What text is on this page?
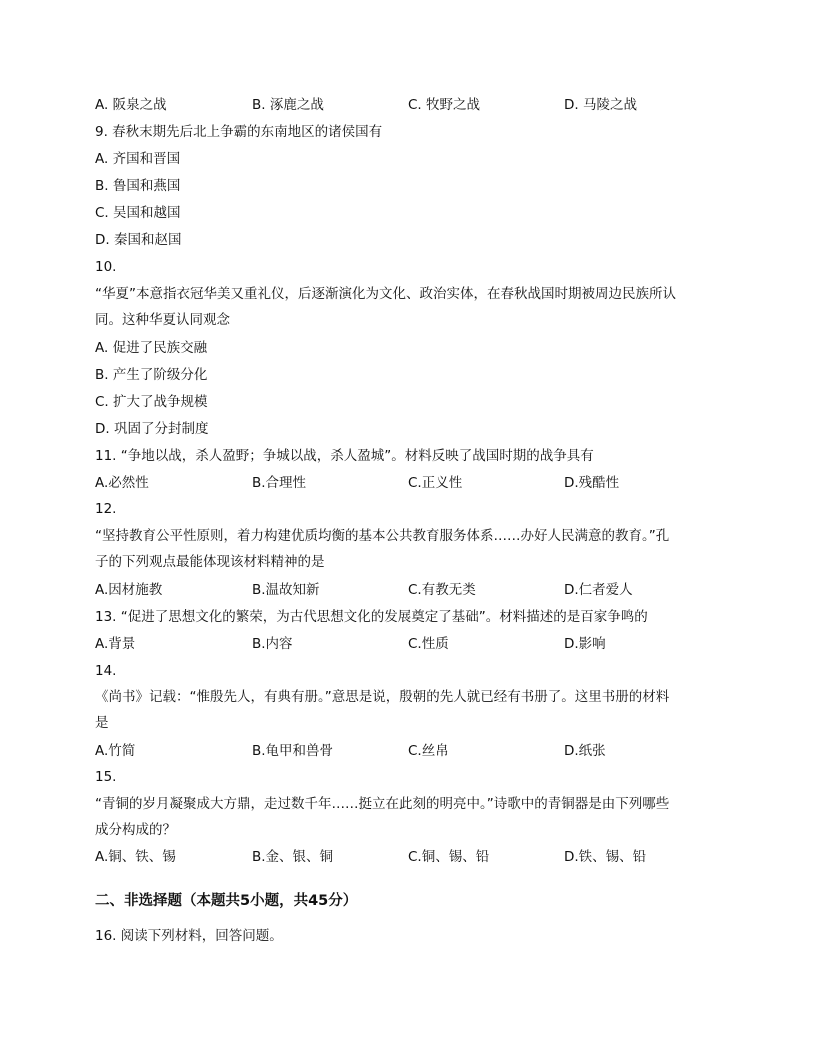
A. 阪泉之战	B. 涿鹿之战	C. 牧野之战	D. 马陵之战
9. 春秋末期先后北上争霸的东南地区的诸侯国有
A. 齐国和晋国
B. 鲁国和燕国
C. 吴国和越国
D. 秦国和赵国
10.
“华夏”本意指衣冠华美又重礼仪，后逐渐演化为文化、政治实体，在春秋战国时期被周边民族所认
同。这种华夏认同观念
A. 促进了民族交融
B. 产生了阶级分化
C. 扩大了战争规模
D. 巩固了分封制度
11. “争地以战，杀人盈野；争城以战，杀人盈城”。材料反映了战国时期的战争具有
A.必然性	B.合理性	C.正义性	D.残酷性
12.
“坚持教育公平性原则，着力构建优质均衡的基本公共教育服务体系……办好人民满意的教育。”孔
子的下列观点最能体现该材料精神的是
A.因材施教	B.温故知新	C.有教无类	D.仁者爱人
13. “促进了思想文化的繁荣，为古代思想文化的发展奠定了基础”。材料描述的是百家争鸣的
A.背景	B.内容	C.性质	D.影响
14.
《尚书》记载：“惟殷先人，有典有册。”意思是说，殷朝的先人就已经有书册了。这里书册的材料
是
A.竹简	B.龟甲和兽骨	C.丝帛	D.纸张
15.
“青铜的岁月凝聚成大方鼎，走过数千年……挺立在此刻的明亮中。”诗歌中的青铜器是由下列哪些
成分构成的？
A.铜、铁、锡	B.金、银、铜	C.铜、锡、铅	D.铁、锡、铅
二、非选择题（本题共5小题，共45分）
16. 阅读下列材料，回答问题。
